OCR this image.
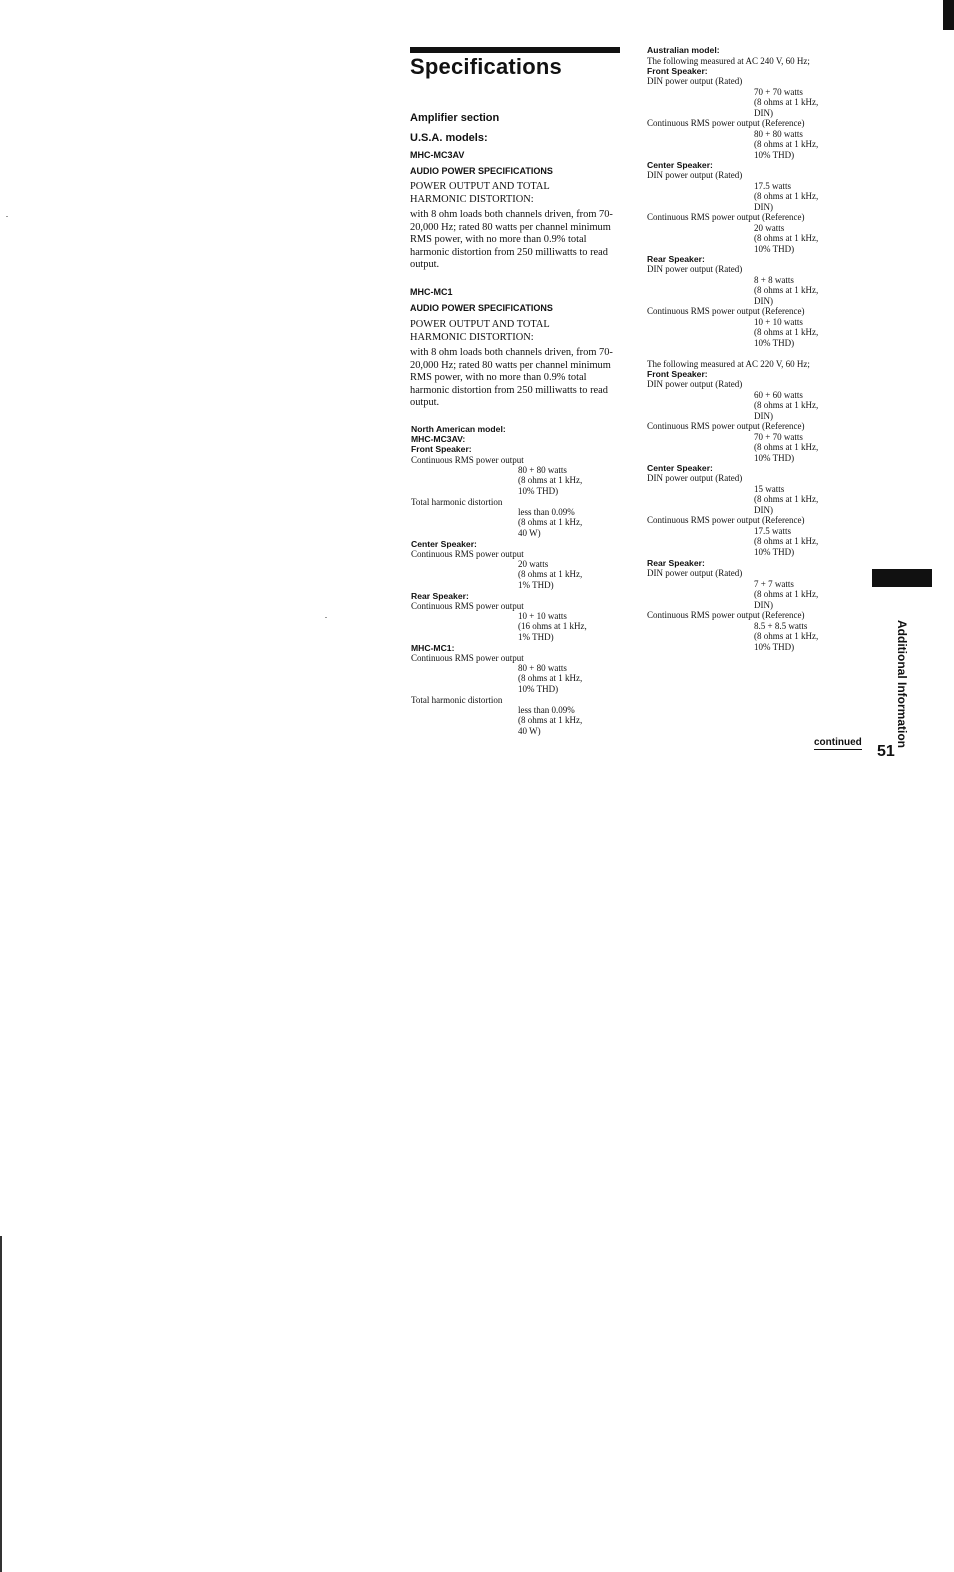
Specifications
Amplifier section
U.S.A. models:
MHC-MC3AV
AUDIO POWER SPECIFICATIONS
POWER OUTPUT AND TOTAL HARMONIC DISTORTION:
with 8 ohm loads both channels driven, from 70-20,000 Hz; rated 80 watts per channel minimum RMS power, with no more than 0.9% total harmonic distortion from 250 milliwatts to read output.
MHC-MC1
AUDIO POWER SPECIFICATIONS
POWER OUTPUT AND TOTAL HARMONIC DISTORTION:
with 8 ohm loads both channels driven, from 70-20,000 Hz; rated 80 watts per channel minimum RMS power, with no more than 0.9% total harmonic distortion from 250 milliwatts to read output.
North American model:
MHC-MC3AV:
Front Speaker:
Continuous RMS power output
80 + 80 watts
(8 ohms at 1 kHz,
10% THD)
Total harmonic distortion
less than 0.09%
(8 ohms at 1 kHz,
40 W)
Center Speaker:
Continuous RMS power output
20 watts
(8 ohms at 1 kHz,
1% THD)
Rear Speaker:
Continuous RMS power output
10 + 10 watts
(16 ohms at 1 kHz,
1% THD)
MHC-MC1:
Continuous RMS power output
80 + 80 watts
(8 ohms at 1 kHz,
10% THD)
Total harmonic distortion
less than 0.09%
(8 ohms at 1 kHz,
40 W)
Australian model:
The following measured at AC 240 V, 60 Hz;
Front Speaker:
DIN power output (Rated)
70 + 70 watts
(8 ohms at 1 kHz,
DIN)
Continuous RMS power output (Reference)
80 + 80 watts
(8 ohms at 1 kHz,
10% THD)
Center Speaker:
DIN power output (Rated)
17.5 watts
(8 ohms at 1 kHz,
DIN)
Continuous RMS power output (Reference)
20 watts
(8 ohms at 1 kHz,
10% THD)
Rear Speaker:
DIN power output (Rated)
8 + 8 watts
(8 ohms at 1 kHz,
DIN)
Continuous RMS power output (Reference)
10 + 10 watts
(8 ohms at 1 kHz,
10% THD)
The following measured at AC 220 V, 60 Hz;
Front Speaker:
DIN power output (Rated)
60 + 60 watts
(8 ohms at 1 kHz,
DIN)
Continuous RMS power output (Reference)
70 + 70 watts
(8 ohms at 1 kHz,
10% THD)
Center Speaker:
DIN power output (Rated)
15 watts
(8 ohms at 1 kHz,
DIN)
Continuous RMS power output (Reference)
17.5 watts
(8 ohms at 1 kHz,
10% THD)
Rear Speaker:
DIN power output (Rated)
7 + 7 watts
(8 ohms at 1 kHz,
DIN)
Continuous RMS power output (Reference)
8.5 + 8.5 watts
(8 ohms at 1 kHz,
10% THD)	Additional Information
continued
51
